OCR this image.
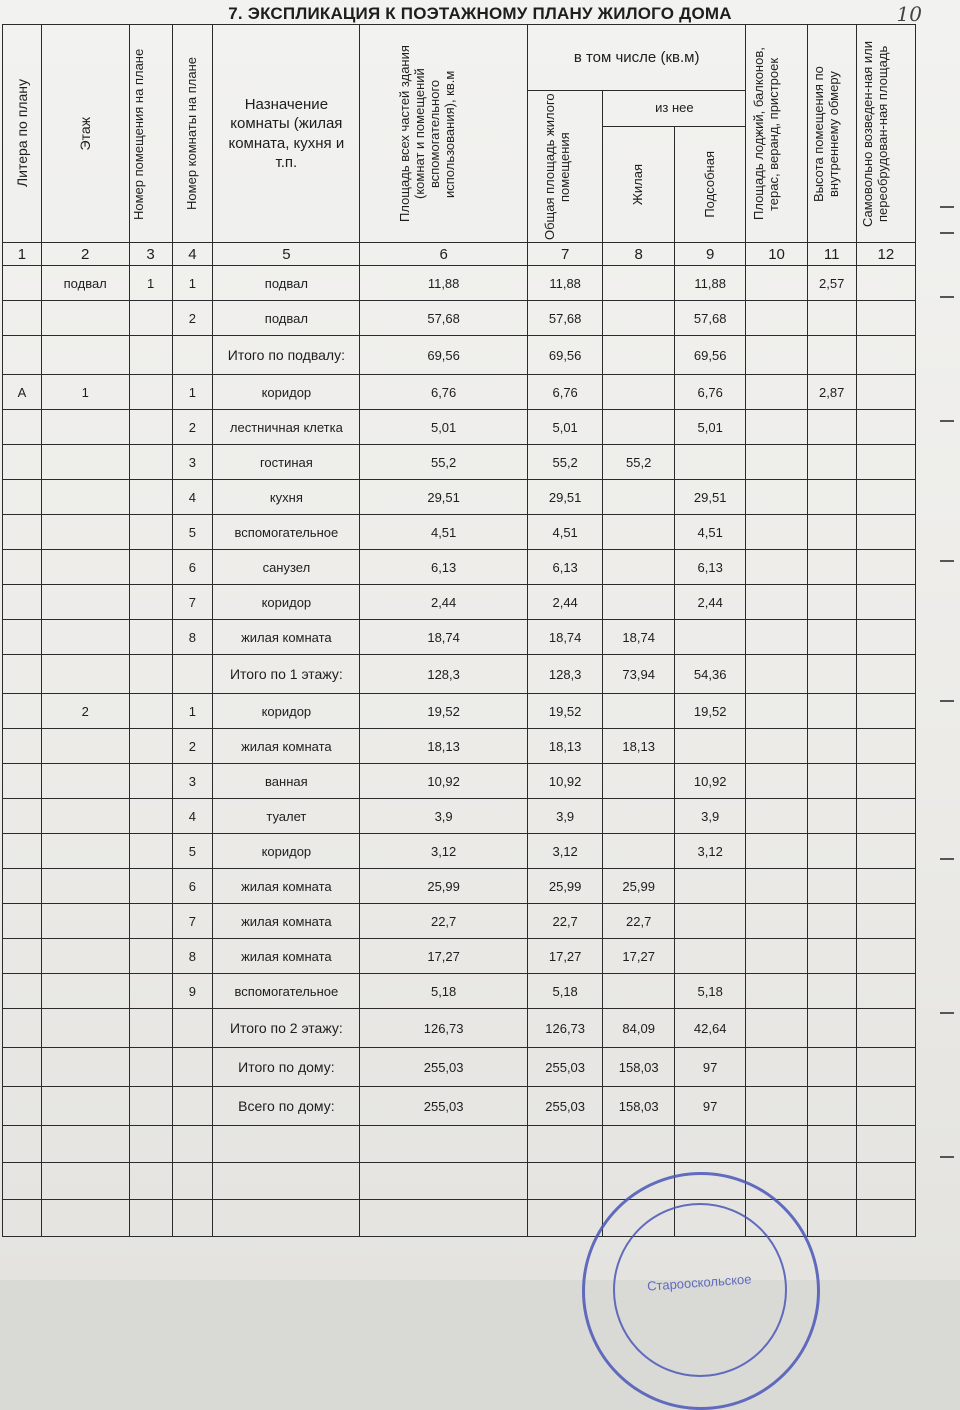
7. ЭКСПЛИКАЦИЯ К ПОЭТАЖНОМУ ПЛАНУ ЖИЛОГО ДОМА	10
Литера по плану	Этаж	Номер помещения на плане	Номер комнаты на плане	Назначение комнаты (жилая комната, кухня и т.п.	Площадь всех частей здания (комнат и помещений вспомогательного использования), кв.м	в том числе (кв.м)			Площадь лоджий, балконов, терас, веранд, пристроек	Высота помещения по внутреннему обмеру	Самовольно возведен-ная или переобрудован-ная площадь

						Общая площадь жилого помещения	из нее				

							Жилая	Подсобная			

1	2	3	4	5	6	7	8	9	10	11	12
	подвал	1	1	подвал	11,88	11,88		11,88		2,57	
			2	подвал	57,68	57,68		57,68			
				Итого по подвалу:	69,56	69,56		69,56			
А	1		1	коридор	6,76	6,76		6,76		2,87	
			2	лестничная клетка	5,01	5,01		5,01			
			3	гостиная	55,2	55,2	55,2				
			4	кухня	29,51	29,51		29,51			
			5	вспомогательное	4,51	4,51		4,51			
			6	санузел	6,13	6,13		6,13			
			7	коридор	2,44	2,44		2,44			
			8	жилая комната	18,74	18,74	18,74				
				Итого по 1 этажу:	128,3	128,3	73,94	54,36			
	2		1	коридор	19,52	19,52		19,52			
			2	жилая комната	18,13	18,13	18,13				
			3	ванная	10,92	10,92		10,92			
			4	туалет	3,9	3,9		3,9			
			5	коридор	3,12	3,12		3,12			
			6	жилая комната	25,99	25,99	25,99				
			7	жилая комната	22,7	22,7	22,7				
			8	жилая комната	17,27	17,27	17,27				
			9	вспомогательное	5,18	5,18		5,18			
				Итого по 2 этажу:	126,73	126,73	84,09	42,64			
				Итого по дому:	255,03	255,03	158,03	97			
				Всего по дому:	255,03	255,03	158,03	97			

Старооскольское
